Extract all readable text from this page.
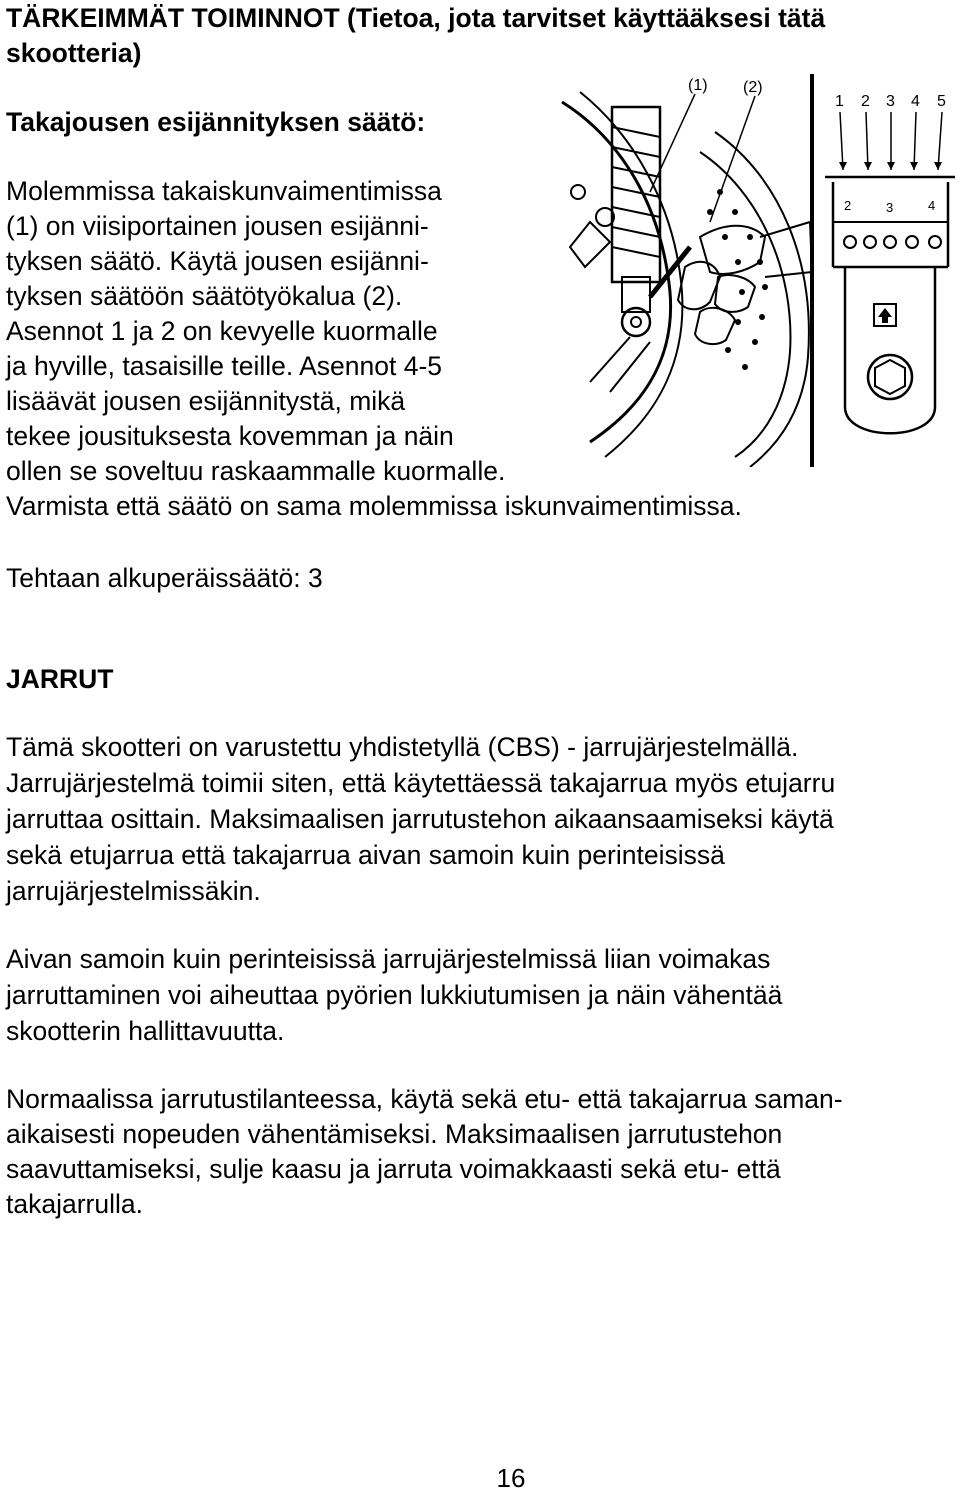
TÄRKEIMMÄT TOIMINNOT (Tietoa, jota tarvitset käyttääksesi tätä

skootteria)

Takajousen esijännityksen säätö:

Molemmissa takaiskunvaimentimissa

(1) on viisiportainen jousen esijänni-

tyksen säätö. Käytä jousen esijänni-

tyksen säätöön säätötyökalua (2).

Asennot 1 ja 2 on kevyelle kuormalle

ja hyville, tasaisille teille. Asennot 4-5

lisäävät jousen esijännitystä, mikä

tekee jousituksesta kovemman ja näin

ollen se soveltuu raskaammalle kuormalle.

Varmista että säätö on sama molemmissa iskunvaimentimissa.

Tehtaan alkuperäissäätö: 3

JARRUT

Tämä skootteri on varustettu yhdistetyllä (CBS) - jarrujärjestelmällä.

Jarrujärjestelmä toimii siten, että käytettäessä takajarrua myös etujarru

jarruttaa osittain. Maksimaalisen jarrutustehon aikaansaamiseksi käytä

sekä etujarrua että takajarrua aivan samoin kuin perinteisissä

jarrujärjestelmissäkin.

Aivan samoin kuin perinteisissä jarrujärjestelmissä liian voimakas

jarruttaminen voi aiheuttaa pyörien lukkiutumisen ja näin vähentää

skootterin hallittavuutta.

Normaalissa jarrutustilanteessa, käytä sekä etu- että takajarrua saman-

aikaisesti nopeuden vähentämiseksi. Maksimaalisen jarrutustehon

saavuttamiseksi, sulje kaasu ja jarruta voimakkaasti sekä etu- että

takajarrulla.

(1) (2)
1 2 3 4 5
2	3	4
16
